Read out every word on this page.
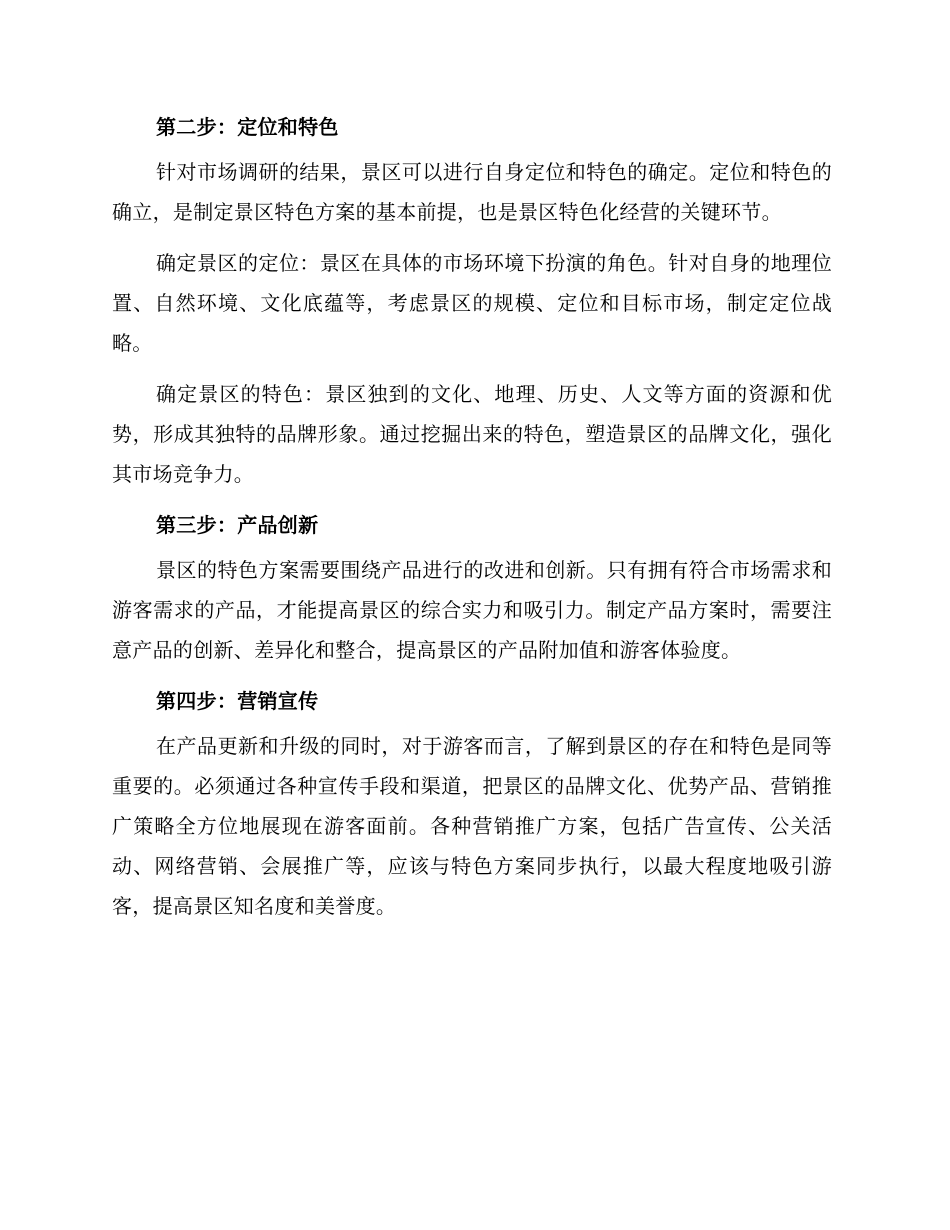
第二步：定位和特色

针对市场调研的结果，景区可以进行自身定位和特色的确定。定位和特色的确立，是制定景区特色方案的基本前提，也是景区特色化经营的关键环节。

确定景区的定位：景区在具体的市场环境下扮演的角色。针对自身的地理位置、自然环境、文化底蕴等，考虑景区的规模、定位和目标市场，制定定位战略。

确定景区的特色：景区独到的文化、地理、历史、人文等方面的资源和优势，形成其独特的品牌形象。通过挖掘出来的特色，塑造景区的品牌文化，强化其市场竞争力。

第三步：产品创新

景区的特色方案需要围绕产品进行的改进和创新。只有拥有符合市场需求和游客需求的产品，才能提高景区的综合实力和吸引力。制定产品方案时，需要注意产品的创新、差异化和整合，提高景区的产品附加值和游客体验度。

第四步：营销宣传

在产品更新和升级的同时，对于游客而言，了解到景区的存在和特色是同等重要的。必须通过各种宣传手段和渠道，把景区的品牌文化、优势产品、营销推广策略全方位地展现在游客面前。各种营销推广方案，包括广告宣传、公关活动、网络营销、会展推广等，应该与特色方案同步执行，以最大程度地吸引游客，提高景区知名度和美誉度。
